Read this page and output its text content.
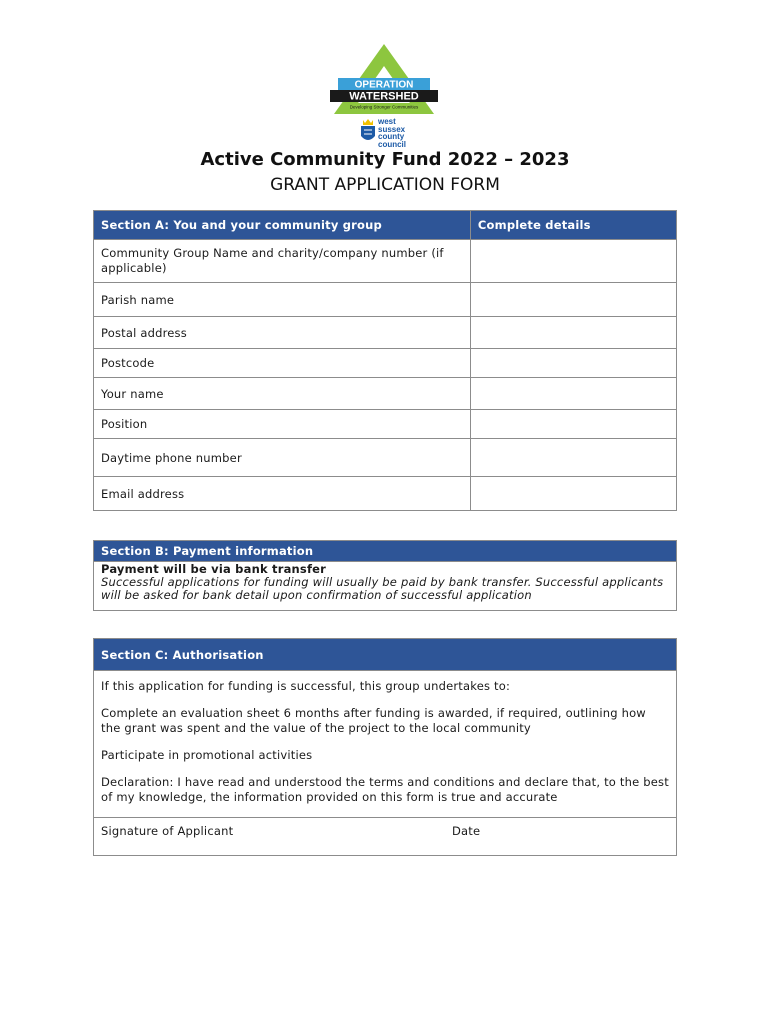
OPERATION
WATERSHED
Developing Stronger Communities
west
sussex
county
council
Active Community Fund 2022 – 2023
GRANT APPLICATION FORM
Section A: You and your community group	Complete details
Community Group Name and charity/company number (if applicable)	
Parish name	
Postal address	
Postcode	
Your name	
Position	
Daytime phone number	
Email address	
Section B: Payment information

Payment will be via bank transfer
Successful applications for funding will usually be paid by bank transfer. Successful applicants will be asked for bank detail upon confirmation of successful application
Section C: Authorisation

If this application for funding is successful, this group undertakes to:

Complete an evaluation sheet 6 months after funding is awarded, if required, outlining how the grant was spent and the value of the project to the local community

Participate in promotional activities

Declaration: I have read and understood the terms and conditions and declare that, to the best of my knowledge, the information provided on this form is true and accurate

Signature of Applicant	Date
